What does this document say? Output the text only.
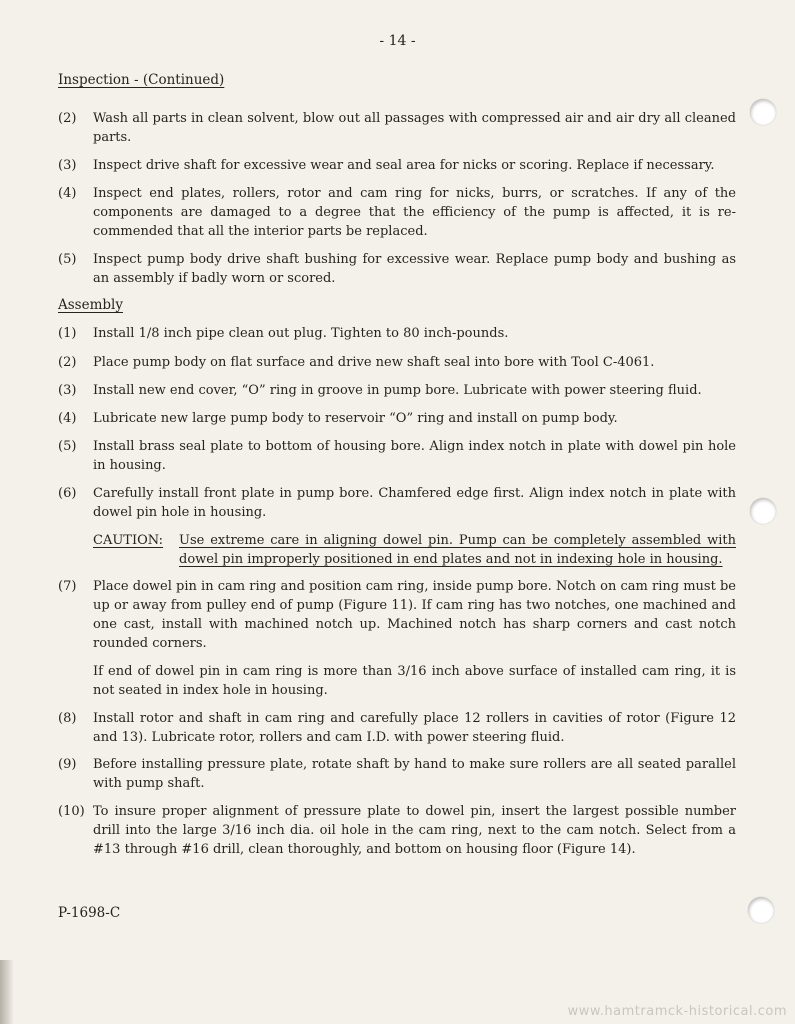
- 14 -
Inspection - (Continued)
(2) Wash all parts in clean solvent, blow out all passages with compressed air and air dry all cleaned parts.
(3) Inspect drive shaft for excessive wear and seal area for nicks or scoring. Replace if necessary.
(4) Inspect end plates, rollers, rotor and cam ring for nicks, burrs, or scratches. If any of the components are damaged to a degree that the efficiency of the pump is affected, it is re-commended that all the interior parts be replaced.
(5) Inspect pump body drive shaft bushing for excessive wear. Replace pump body and bushing as an assembly if badly worn or scored.
Assembly
(1) Install 1/8 inch pipe clean out plug. Tighten to 80 inch-pounds.
(2) Place pump body on flat surface and drive new shaft seal into bore with Tool C-4061.
(3) Install new end cover, “O” ring in groove in pump bore. Lubricate with power steering fluid.
(4) Lubricate new large pump body to reservoir “O” ring and install on pump body.
(5) Install brass seal plate to bottom of housing bore. Align index notch in plate with dowel pin hole in housing.
(6) Carefully install front plate in pump bore. Chamfered edge first. Align index notch in plate with dowel pin hole in housing.
CAUTION: Use extreme care in aligning dowel pin. Pump can be completely assembled with dowel pin improperly positioned in end plates and not in indexing hole in housing.
(7) Place dowel pin in cam ring and position cam ring, inside pump bore. Notch on cam ring must be up or away from pulley end of pump (Figure 11). If cam ring has two notches, one machined and one cast, install with machined notch up. Machined notch has sharp corners and cast notch rounded corners.
If end of dowel pin in cam ring is more than 3/16 inch above surface of installed cam ring, it is not seated in index hole in housing.
(8) Install rotor and shaft in cam ring and carefully place 12 rollers in cavities of rotor (Figure 12 and 13). Lubricate rotor, rollers and cam I.D. with power steering fluid.
(9) Before installing pressure plate, rotate shaft by hand to make sure rollers are all seated parallel with pump shaft.
(10) To insure proper alignment of pressure plate to dowel pin, insert the largest possible number drill into the large 3/16 inch dia. oil hole in the cam ring, next to the cam notch. Select from a #13 through #16 drill, clean thoroughly, and bottom on housing floor (Figure 14).
P-1698-C
www.hamtramck-historical.com
